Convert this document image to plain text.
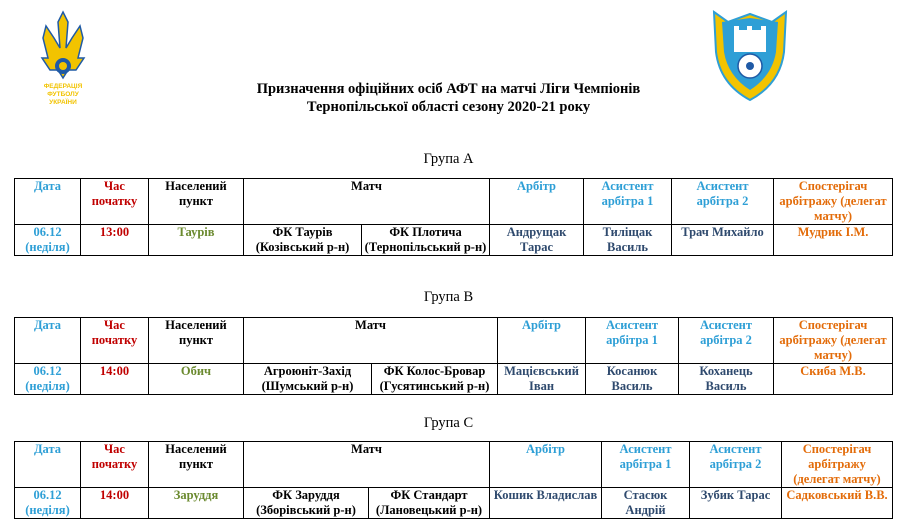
ФЕДЕРАЦІЯ
ФУТБОЛУ
УКРАЇНИ
Призначення офіційних осіб АФТ на матчі Ліги Чемпіонів
Тернопільської області сезону 2020-21 року
Група А
Дата	Час початку	Населений пункт	Матч		Арбітр	Асистент арбітра 1	Асистент арбітра 2	Спостерігач арбітражу (делегат матчу)
06.12 (неділя)	13:00	Таурів	ФК Таурів (Козівський р-н)	ФК Плотича (Тернопільський р-н)	Андрущак Тарас	Тиліщак Василь	Трач Михайло	Мудрик І.М.
Група В
Дата	Час початку	Населений пункт	Матч		Арбітр	Асистент арбітра 1	Асистент арбітра 2	Спостерігач арбітражу (делегат матчу)
06.12 (неділя)	14:00	Обич	Агроюніт-Захід (Шумський р-н)	ФК Колос-Бровар (Гусятинський р-н)	Мацієвський Іван	Косанюк Василь	Коханець Василь	Скиба М.В.
Група С
Дата	Час початку	Населений пункт	Матч		Арбітр	Асистент арбітра 1	Асистент арбітра 2	Спостерігач арбітражу (делегат матчу)
06.12 (неділя)	14:00	Заруддя	ФК Заруддя (Зборівський р-н)	ФК Стандарт (Лановецький р-н)	Кошик Владислав	Стасюк Андрій	Зубик Тарас	Садковський В.В.
